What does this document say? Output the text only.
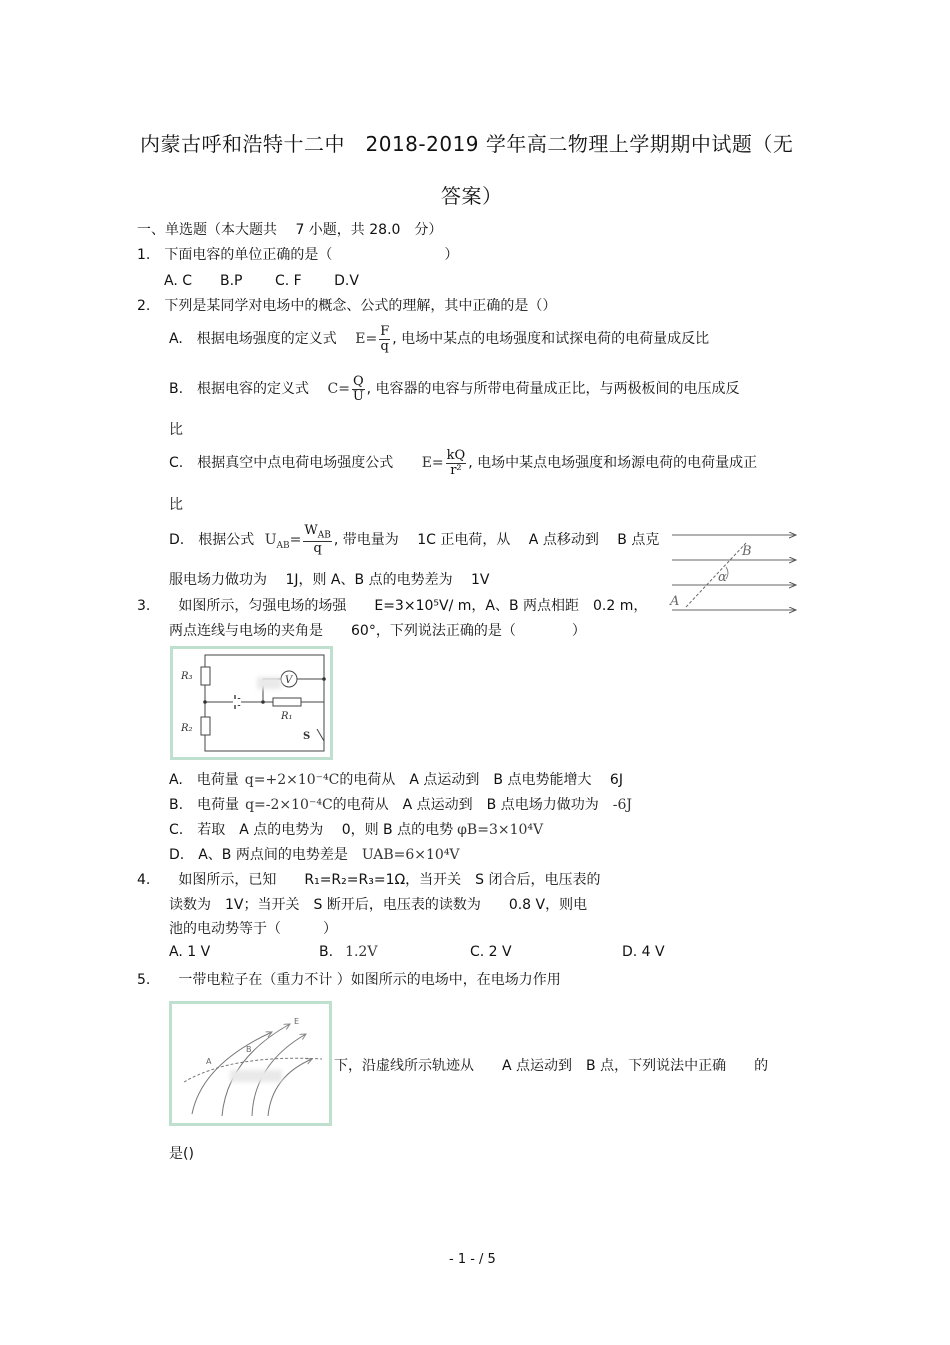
内蒙古呼和浩特十二中　2018-2019 学年高二物理上学期期中试题（无
答案）
一、单选题（本大题共　 7 小题，共 28.0　分）
1.　下面电容的单位正确的是（　　　　　　　　）
A. C　　B.P　　 C. F　　 D.V
2.　下列是某同学对电场中的概念、公式的理解，其中正确的是（）
A.　根据电场强度的定义式 $E= \frac{F}{q}$ , 电场中某点的电场强度和试探电荷的电荷量成反比
B.　根据电容的定义式 $C= \frac{Q}{U}$ , 电容器的电容与所带电荷量成正比，与两极板间的电压成反
比
C.　根据真空中点电荷电场强度公式 $E= \frac{kQ}{\text{r²}}$ , 电场中某点电场强度和场源电荷的电荷量成正
比
D.　根据公式 $U_{AB}= \frac{W_{AB}}{q}$ , 带电量为　 1C 正电荷，从　 A 点移动到　 B 点克
服电场力做功为　 1J，则 A、B 点的电势差为　 1V
B
α
A
3.　　如图所示，匀强电场的场强　　E=3×10⁵V/ m，A、B 两点相距　0.2 m，
两点连线与电场的夹角是　　60°，下列说法正确的是（　　　　）
V
R₃
R₂
R₁
S
A.　电荷量 q=+2×10⁻⁴C的电荷从　A 点运动到　B 点电势能增大　 6J
B.　电荷量 q=-2×10⁻⁴C的电荷从　A 点运动到　B 点电场力做功为 -6J
C.　若取　A 点的电势为　 0，则 B 点的电势 φB=3×10⁴V
D.　A、B 两点间的电势差是 UAB=6×10⁴V
4.　　如图所示，已知　　R₁=R₂=R₃=1Ω，当开关　S 闭合后，电压表的
读数为　1V；当开关　S 断开后，电压表的读数为　　0.8 V，则电
池的电动势等于（　　　）
A. 1 V	B. 1.2V	C. 2 V	D. 4 V
5.　　一带电粒子在（重力不计 ）如图所示的电场中，在电场力作用
A
B
E
下，沿虚线所示轨迹从　　A 点运动到　B 点，下列说法中正确　　的
是()
- 1 - / 5
